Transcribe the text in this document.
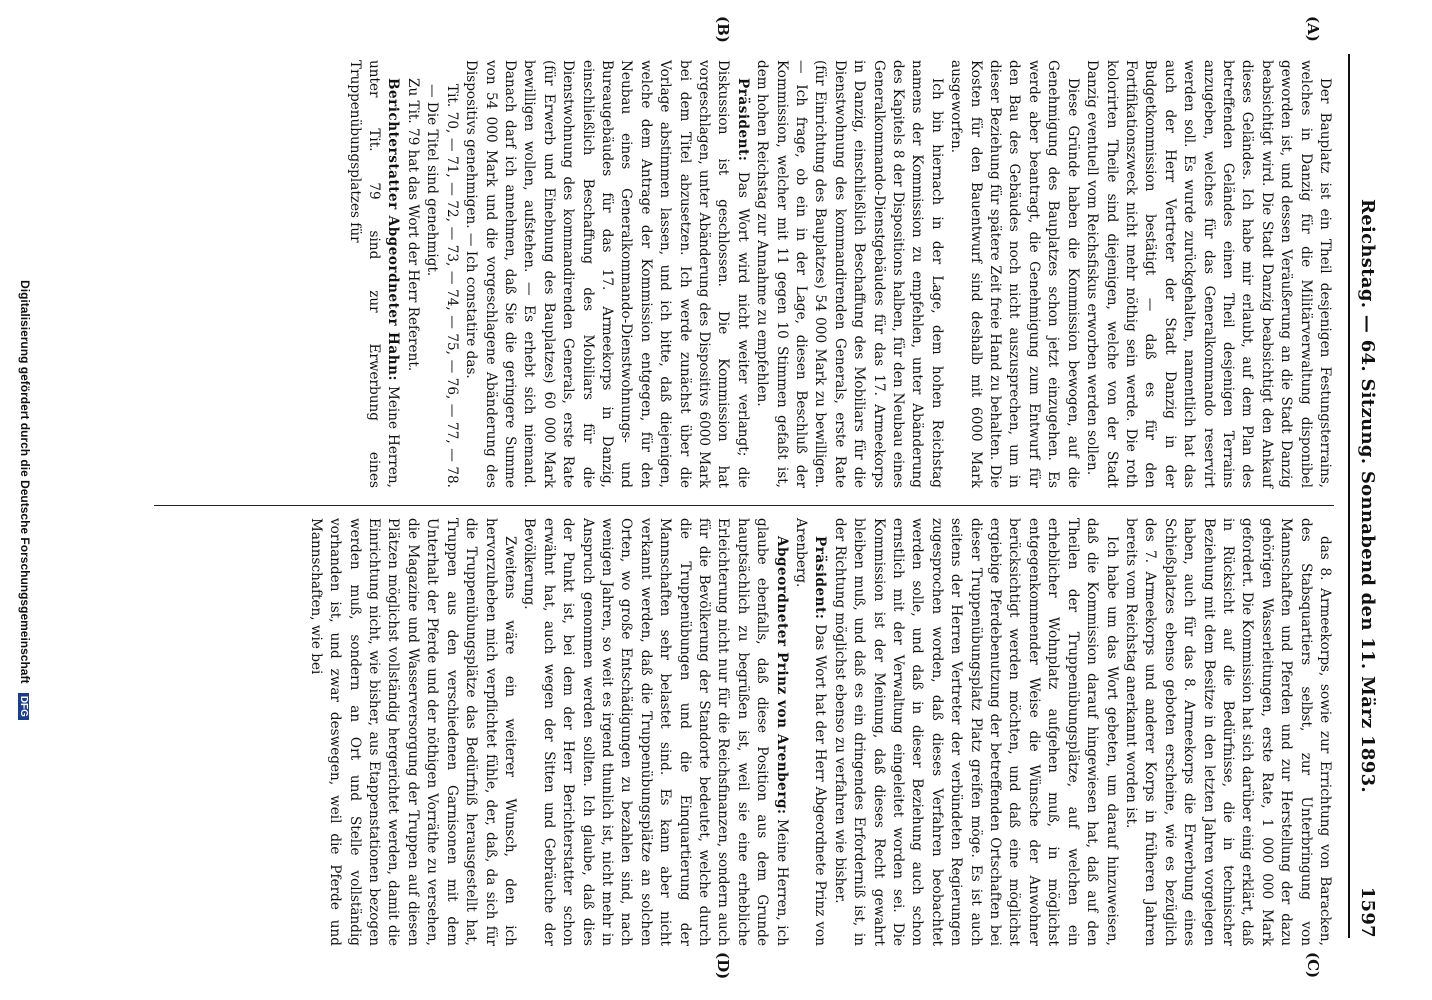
Reichstag. — 64. Sitzung. Sonnabend den 11. März 1893.
1597
(A)
(B)
(C)
(D)

Der Bauplatz ist ein Theil desjenigen Festungsterrains, welches in Danzig für die Militärverwaltung disponibel geworden ist, und dessen Veräußerung an die Stadt Danzig beabsichtigt wird. Die Stadt Danzig beabsichtigt den Ankauf dieses Geländes. Ich habe mir erlaubt, auf dem Plan des betreffenden Geländes einen Theil desjenigen Terrains anzugeben, welches für das Generalkommando reservirt werden soll. Es wurde zurückgehalten, namentlich hat das auch der Herr Vertreter der Stadt Danzig in der Budgetkommission bestätigt — daß es für den Fortifikationszweck nicht mehr nöthig sein werde. Die roth kolorirten Theile sind diejenigen, welche von der Stadt Danzig eventuell vom Reichsfiskus erworben werden sollen.

Diese Gründe haben die Kommission bewogen, auf die Genehmigung des Bauplatzes schon jetzt einzugehen. Es werde aber beantragt, die Genehmigung zum Entwurf für den Bau des Gebäudes noch nicht auszusprechen, um in dieser Beziehung für spätere Zeit freie Hand zu behalten. Die Kosten für den Bauentwurf sind deshalb mit 6000 Mark ausgeworfen.

Ich bin hiernach in der Lage, dem hohen Reichstag namens der Kommission zu empfehlen, unter Abänderung des Kapitels 8 der Dispositions halben, für den Neubau eines Generalkommando-Dienstgebäudes für das 17. Armeekorps in Danzig, einschließlich Beschaffung des Mobiliars für die Dienstwohnung des kommandirenden Generals, erste Rate (für Einrichtung des Bauplatzes) 54 000 Mark zu bewilligen. — Ich frage, ob ein in der Lage, diesen Beschluß der Kommission, welcher mit 11 gegen 10 Stimmen gefaßt ist, dem hohen Reichstag zur Annahme zu empfehlen.

Präsident: Das Wort wird nicht weiter verlangt; die Diskussion ist geschlossen. Die Kommission hat vorgeschlagen, unter Abänderung des Dispositivs 6000 Mark bei dem Titel abzusetzen. Ich werde zunächst über die Vorlage abstimmen lassen, und ich bitte, daß diejenigen, welche dem Antrage der Kommission entgegen, für den Neubau eines Generalkommando-Dienstwohnungs- und Bureaugebäudes für das 17. Armeekorps in Danzig, einschließlich Beschaffung des Mobiliars für die Dienstwohnung des kommandirenden Generals, erste Rate (für Erwerb und Einebnung des Bauplatzes) 60 000 Mark bewilligen wollen, aufstehen. — Es erhebt sich niemand. Danach darf ich annehmen, daß Sie die geringere Summe von 54 000 Mark und die vorgeschlagene Abänderung des Dispositivs genehmigen. — Ich constatire das.

Tit. 70, — 71, — 72, — 73, — 74, — 75, — 76, — 77, — 78. — Die Titel sind genehmigt.

Zu Tit. 79 hat das Wort der Herr Referent.

Berichterstatter Abgeordneter Hahn: Meine Herren, unter Tit. 79 sind zur Erwerbung eines Truppenübungsplatzes für

das 8. Armeekorps, sowie zur Errichtung von Baracken, des Stabsquartiers selbst, zur Unterbringung von Mannschaften und Pferden und zur Herstellung der dazu gehörigen Wasserleitungen, erste Rate, 1 000 000 Mark gefordert. Die Kommission hat sich darüber einig erklärt, daß in Rücksicht auf die Bedürfnisse, die in technischer Beziehung mit dem Besitze in den letzten Jahren vorgelegen haben, auch für das 8. Armeekorps die Erwerbung eines Schießplatzes ebenso geboten erscheine, wie es bezüglich des 7. Armeekorps und anderer Korps in früheren Jahren bereits vom Reichstag anerkannt worden ist.

Ich habe um das Wort gebeten, um darauf hinzuweisen, daß die Kommission darauf hingewiesen hat, daß auf den Theilen der Truppenübungsplätze, auf welchen ein erheblicher Wohnplatz aufgehen muß, in möglichst entgegenkommender Weise die Wünsche der Anwohner berücksichtigt werden möchten, und daß eine möglichst ergiebige Pferdebenutzung der betreffenden Ortschaften bei dieser Truppenübungsplatz Platz greifen möge. Es ist auch seitens der Herren Vertreter der verbündeten Regierungen zugesprochen worden, daß dieses Verfahren beobachtet werden solle, und daß in dieser Beziehung auch schon ernstlich mit der Verwaltung eingeleitet worden sei. Die Kommission ist der Meinung, daß dieses Recht gewahrt bleiben muß, und daß es ein dringendes Erforderniß ist, in der Richtung möglichst ebenso zu verfahren wie bisher.

Präsident: Das Wort hat der Herr Abgeordnete Prinz von Arenberg.

Abgeordneter Prinz von Arenberg: Meine Herren, ich glaube ebenfalls, daß diese Position aus dem Grunde hauptsächlich zu begrüßen ist, weil sie eine erhebliche Erleichterung nicht nur für die Reichsfinanzen, sondern auch für die Bevölkerung der Standorte bedeutet, welche durch die Truppenübungen und die Einquartierung der Mannschaften sehr belastet sind. Es kann aber nicht verkannt werden, daß die Truppenübungsplätze an solchen Orten, wo große Entschädigungen zu bezahlen sind, nach wenigen Jahren, so weit es irgend thunlich ist, nicht mehr in Anspruch genommen werden sollten. Ich glaube, daß dies der Punkt ist, bei dem der Herr Berichterstatter schon erwähnt hat, auch wegen der Sitten und Gebräuche der Bevölkerung.

Zweitens wäre ein weiterer Wunsch, den ich hervorzuheben mich verpflichtet fühle, der, daß, da sich für die Truppenübungsplätze das Bedürfniß herausgestellt hat, Truppen aus den verschiedenen Garnisonen mit dem Unterhalt der Pferde und der nöthigen Vorräthe zu versehen, die Magazine und Wasserversorgung der Truppen auf diesen Plätzen möglichst vollständig hergerichtet werden, damit die Einrichtung nicht, wie bisher, aus Etappenstationen bezogen werden muß, sondern an Ort und Stelle vollständig vorhanden ist, und zwar deswegen, weil die Pferde und Mannschaften, wie bei

Digitalisierung gefördert durch die Deutsche Forschungsgemeinschaft DFG
